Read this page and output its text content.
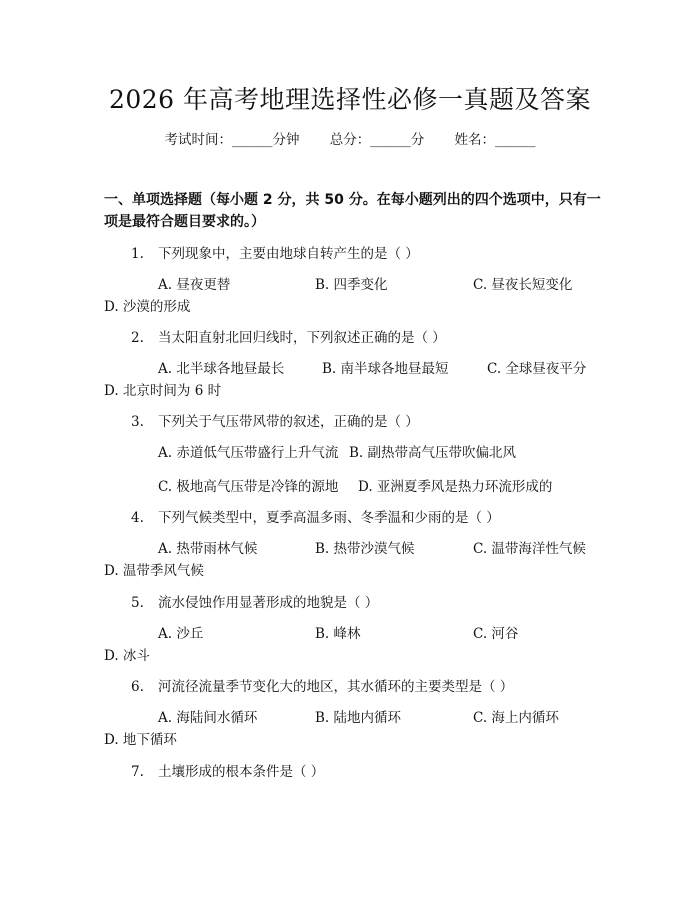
2026 年高考地理选择性必修一真题及答案
考试时间：______分钟 总分：______分 姓名：______
一、单项选择题（每小题 2 分，共 50 分。在每小题列出的四个选项中，只有一项是最符合题目要求的。）
1. 下列现象中，主要由地球自转产生的是（ ）
A. 昼夜更替	B. 四季变化	C. 昼夜长短变化
D. 沙漠的形成
2. 当太阳直射北回归线时，下列叙述正确的是（ ）
A. 北半球各地昼最长	B. 南半球各地昼最短	C. 全球昼夜平分
D. 北京时间为 6 时
3. 下列关于气压带风带的叙述，正确的是（ ）
A. 赤道低气压带盛行上升气流 B. 副热带高气压带吹偏北风
C. 极地高气压带是冷锋的源地 D. 亚洲夏季风是热力环流形成的
4. 下列气候类型中，夏季高温多雨、冬季温和少雨的是（ ）
A. 热带雨林气候	B. 热带沙漠气候	C. 温带海洋性气候
D. 温带季风气候
5. 流水侵蚀作用显著形成的地貌是（ ）
A. 沙丘	B. 峰林	C. 河谷
D. 冰斗
6. 河流径流量季节变化大的地区，其水循环的主要类型是（ ）
A. 海陆间水循环	B. 陆地内循环	C. 海上内循环
D. 地下循环
7. 土壤形成的根本条件是（ ）
